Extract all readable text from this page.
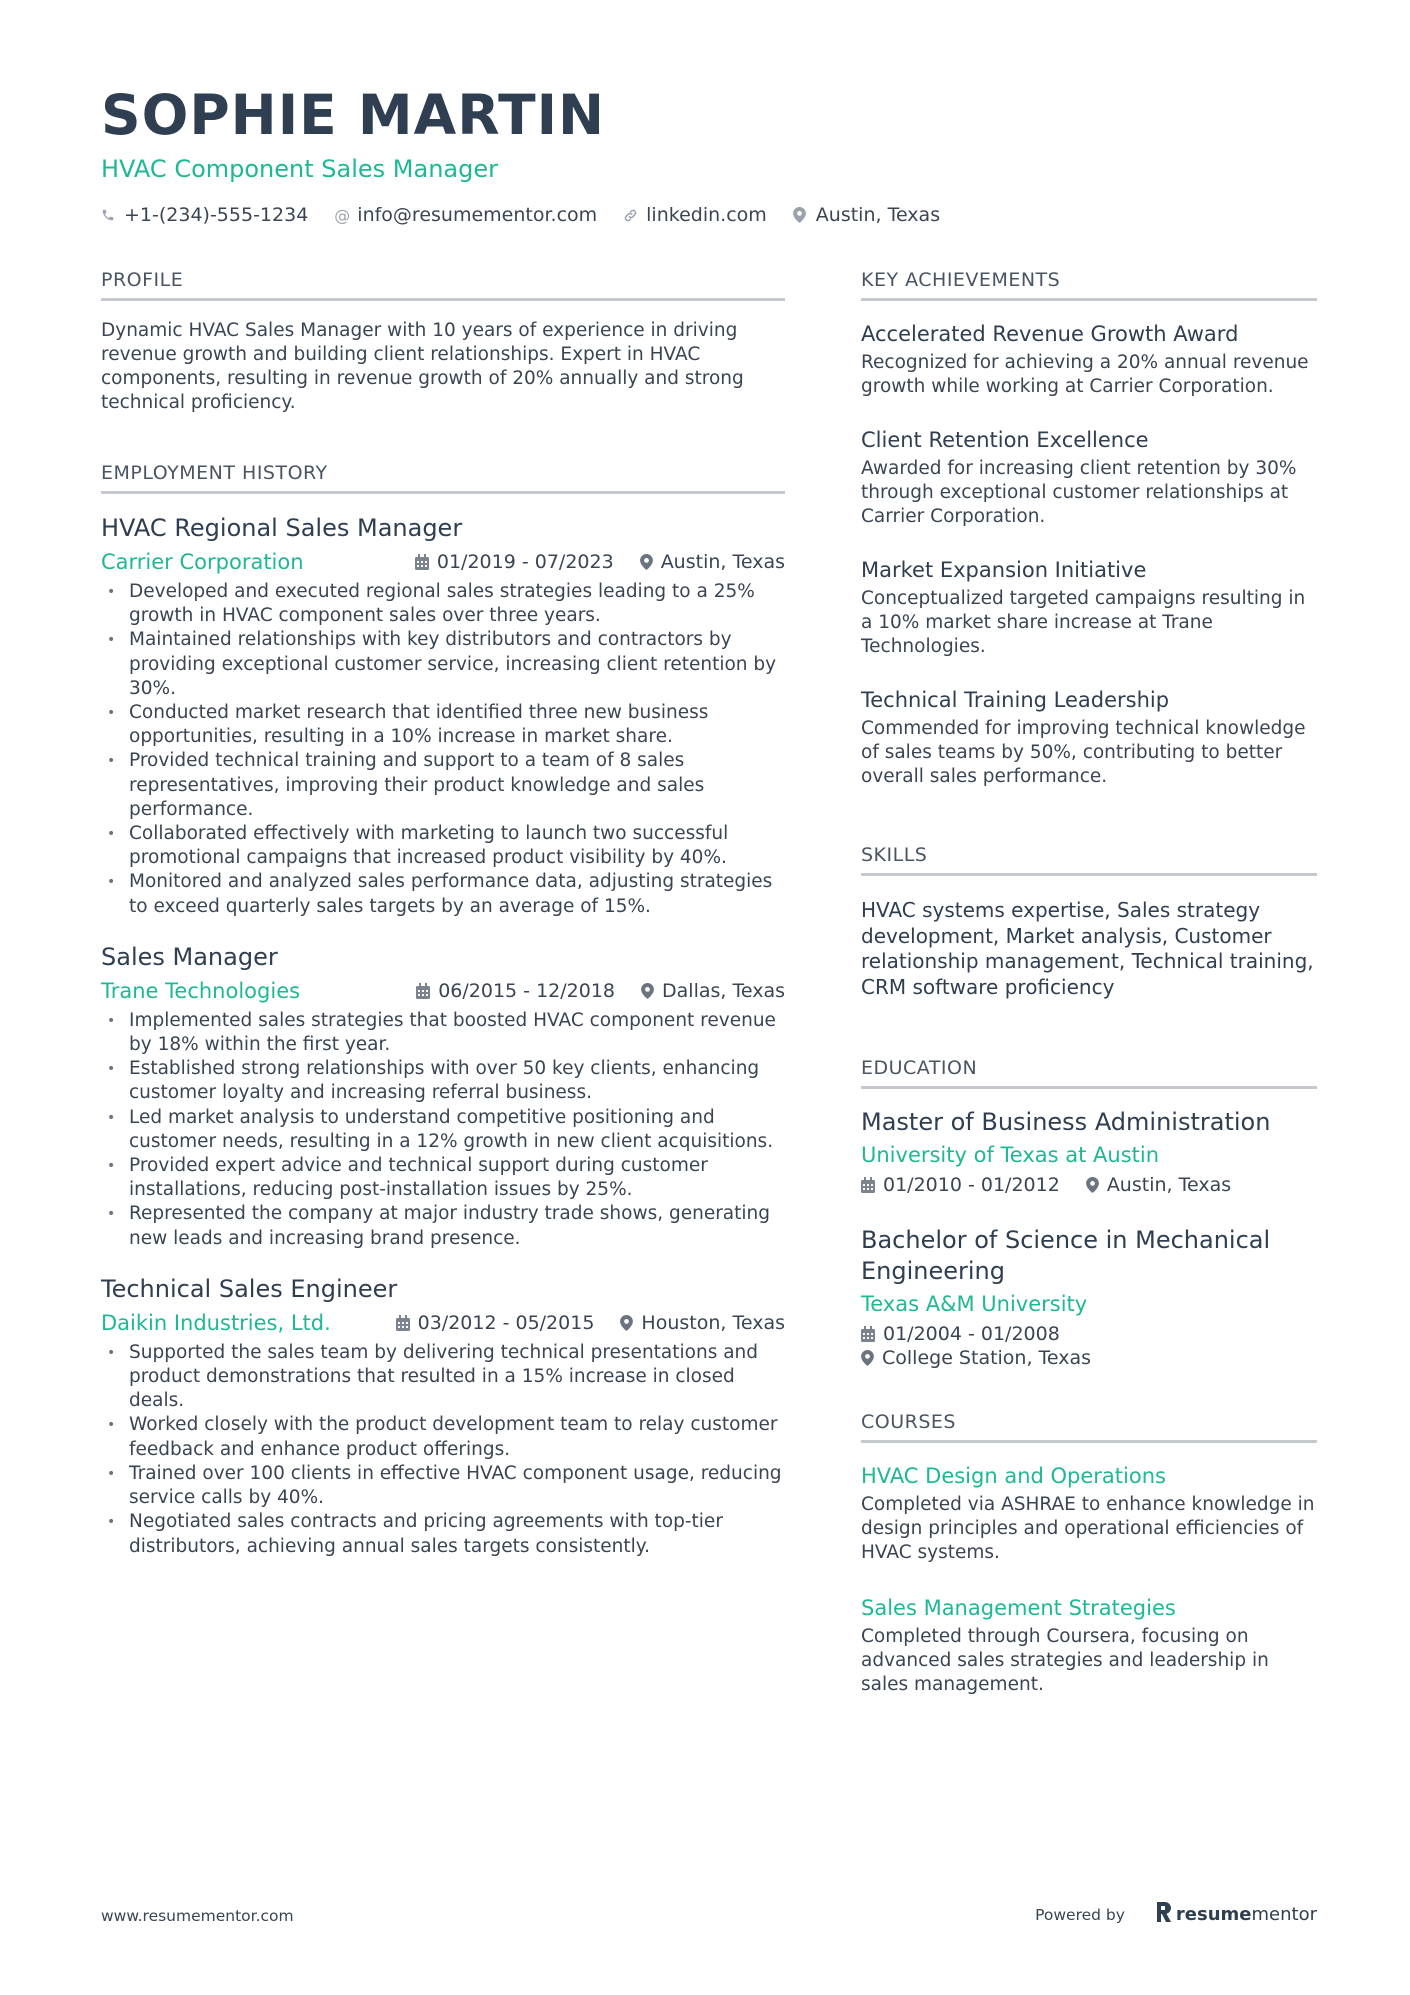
SOPHIE MARTIN
HVAC Component Sales Manager
+1-(234)-555-1234 @ info@resumementor.com	linkedin.com	Austin, Texas
PROFILE
Dynamic HVAC Sales Manager with 10 years of experience in driving revenue growth and building client relationships. Expert in HVAC components, resulting in revenue growth of 20% annually and strong technical proficiency.
EMPLOYMENT HISTORY
HVAC Regional Sales Manager
Carrier Corporation	01/2019 - 07/2023 Austin, Texas
• Developed and executed regional sales strategies leading to a 25% growth in HVAC component sales over three years.
• Maintained relationships with key distributors and contractors by providing exceptional customer service, increasing client retention by 30%.
• Conducted market research that identified three new business opportunities, resulting in a 10% increase in market share.
• Provided technical training and support to a team of 8 sales representatives, improving their product knowledge and sales performance.
• Collaborated effectively with marketing to launch two successful promotional campaigns that increased product visibility by 40%.
• Monitored and analyzed sales performance data, adjusting strategies to exceed quarterly sales targets by an average of 15%.
Sales Manager
Trane Technologies	06/2015 - 12/2018 Dallas, Texas
• Implemented sales strategies that boosted HVAC component revenue by 18% within the first year.
• Established strong relationships with over 50 key clients, enhancing customer loyalty and increasing referral business.
• Led market analysis to understand competitive positioning and customer needs, resulting in a 12% growth in new client acquisitions.
• Provided expert advice and technical support during customer installations, reducing post-installation issues by 25%.
• Represented the company at major industry trade shows, generating new leads and increasing brand presence.
Technical Sales Engineer
Daikin Industries, Ltd.	03/2012 - 05/2015 Houston, Texas
• Supported the sales team by delivering technical presentations and product demonstrations that resulted in a 15% increase in closed deals.
• Worked closely with the product development team to relay customer feedback and enhance product offerings.
• Trained over 100 clients in effective HVAC component usage, reducing service calls by 40%.
• Negotiated sales contracts and pricing agreements with top-tier distributors, achieving annual sales targets consistently.
KEY ACHIEVEMENTS
Accelerated Revenue Growth Award
Recognized for achieving a 20% annual revenue growth while working at Carrier Corporation.
Client Retention Excellence
Awarded for increasing client retention by 30% through exceptional customer relationships at Carrier Corporation.
Market Expansion Initiative
Conceptualized targeted campaigns resulting in a 10% market share increase at Trane Technologies.
Technical Training Leadership
Commended for improving technical knowledge of sales teams by 50%, contributing to better overall sales performance.
SKILLS
HVAC systems expertise, Sales strategy development, Market analysis, Customer relationship management, Technical training, CRM software proficiency
EDUCATION
Master of Business Administration
University of Texas at Austin
01/2010 - 01/2012 Austin, Texas
Bachelor of Science in Mechanical Engineering
Texas A&M University
01/2004 - 01/2008
College Station, Texas
COURSES
HVAC Design and Operations
Completed via ASHRAE to enhance knowledge in design principles and operational efficiencies of HVAC systems.
Sales Management Strategies
Completed through Coursera, focusing on advanced sales strategies and leadership in sales management.
www.resumementor.com	Powered by	resumementor
